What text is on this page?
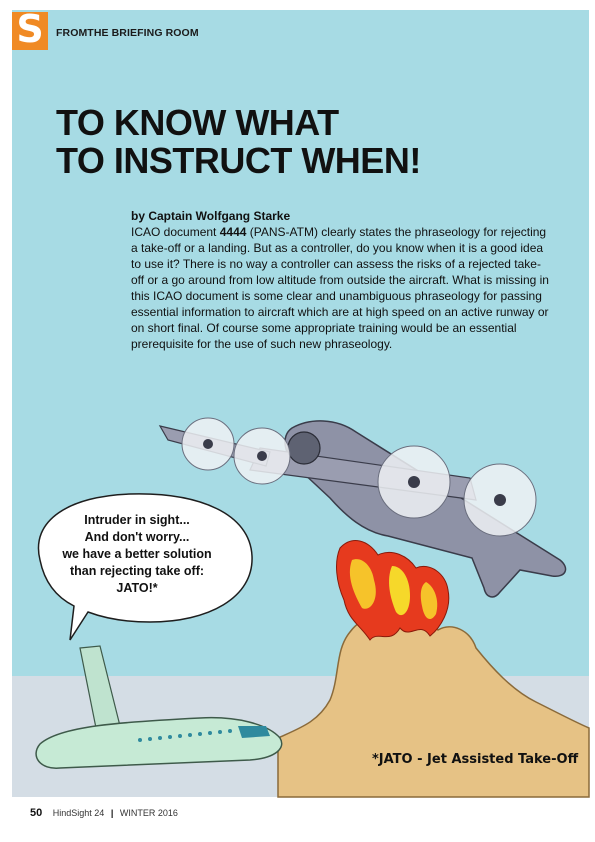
S	FROMTHE BRIEFING ROOM
TO KNOW WHAT
TO INSTRUCT WHEN!
by Captain Wolfgang Starke

ICAO document 4444 (PANS-ATM) clearly states the phraseology for rejecting a take-off or a landing. But as a controller, do you know when it is a good idea to use it? There is no way a controller can assess the risks of a rejected take-off or a go around from low altitude from outside the aircraft. What is missing in this ICAO document is some clear and unambiguous phraseology for passing essential information to aircraft which are at high speed on an active runway or on short final. Of course some appropriate training would be an essential prerequisite for the use of such new phraseology.

Intruder in sight...
And don't worry...
we have a better solution
than rejecting take off:
JATO!*
*JATO - Jet Assisted Take-Off
50 HindSight 24 | WINTER 2016
